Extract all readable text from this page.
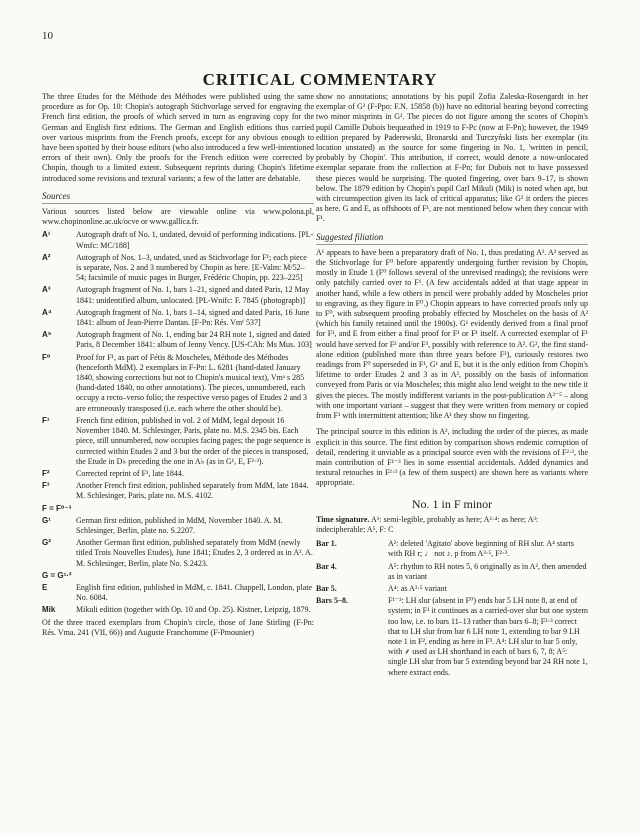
10
CRITICAL COMMENTARY

The three Etudes for the Méthode des Méthodes were published using the same procedure as for Op. 10: Chopin's autograph Stichvorlage served for engraving the French first edition, the proofs of which served in turn as engraving copy for the German and English first editions. The German and English editions thus carried over various misprints from the French proofs, except for any obvious enough to have been spotted by their house editors (who also introduced a few well-intentioned errors of their own). Only the proofs for the French edition were corrected by Chopin, though to a limited extent. Subsequent reprints during Chopin's lifetime introduced some revisions and textural variants; a few of the latter are debatable.

Sources

Various sources listed below are viewable online via www.polona.pl, www.chopinonline.ac.uk/ocve or www.gallica.fr.

A¹	Autograph draft of No. 1, undated, devoid of performing indications. [PL-Wmfc: MC/188]
A²	Autograph of Nos. 1–3, undated, used as Stichvorlage for F¹; each piece is separate, Nos. 2 and 3 numbered by Chopin as here. [E-Valm: M/52–54; facsimile of music pages in Burger, Frédéric Chopin, pp. 223–225]
A³	Autograph fragment of No. 1, bars 1–21, signed and dated Paris, 12 May 1841: unidentified album, unlocated. [PL-Wnifc: F. 7845 (photograph)]
A⁴	Autograph fragment of No. 1, bars 1–14, signed and dated Paris, 16 June 1841: album of Jean-Pierre Dantan. [F-Pn: Rés. Vmᶠ 537]
A⁵	Autograph fragment of No. 1, ending bar 24 RH note 1, signed and dated Paris, 8 December 1841: album of Jenny Vency. [US-CAh: Ms Mus. 103]
F⁰	Proof for F¹, as part of Fétis & Moscheles, Méthode des Méthodes (henceforth MdM). 2 exemplars in F-Pn: L. 6281 (hand-dated January 1840, showing corrections but not to Chopin's musical text), Vmᵃ s 285 (hand-dated 1840, no other annotations). The pieces, unnumbered, each occupy a recto–verso folio; the respective verso pages of Etudes 2 and 3 are erroneously transposed (i.e. each where the other should be).
F¹	French first edition, published in vol. 2 of MdM, legal deposit 16 November 1840. M. Schlesinger, Paris, plate no. M.S. 2345 bis. Each piece, still unnumbered, now occupies facing pages; the page sequence is corrected within Etudes 2 and 3 but the order of the pieces is transposed, the Etude in D♭ preceding the one in A♭ (as in G¹, E, F²·³).
F²	Corrected reprint of F¹, late 1844.
F³	Another French first edition, published separately from MdM, late 1844. M. Schlesinger, Paris, plate no. M.S. 4102.
F = F⁰⁻³
G¹	German first edition, published in MdM, November 1840. A. M. Schlesinger, Berlin, plate no. S.2207.
G²	Another German first edition, published separately from MdM (newly titled Trois Nouvelles Etudes), June 1841; Etudes 2, 3 ordered as in A². A. M. Schlesinger, Berlin, plate No. S.2423.
G = G¹·²
E	English first edition, published in MdM, c. 1841. Chappell, London, plate No. 6084.
Mik	Mikuli edition (together with Op. 10 and Op. 25). Kistner, Leipzig, 1879.

Of the three traced exemplars from Chopin's circle, those of Jane Stirling (F-Pn: Rés. Vma. 241 (VII, 66)) and Auguste Franchomme (F-Pmounier)

show no annotations; annotations by his pupil Zofia Zaleska-Rosengardt in her exemplar of G² (F-Ppo: F.N. 15858 (b)) have no editorial bearing beyond correcting two minor misprints in G². The pieces do not figure among the scores of Chopin's pupil Camille Dubois bequeathed in 1919 to F-Pc (now at F-Pn); however, the 1949 edition prepared by Paderewski, Bronarski and Turczyński lists her exemplar (its location unstated) as the source for some fingering in No. 1, 'written in pencil, probably by Chopin'. This attribution, if correct, would denote a now-unlocated exemplar separate from the collection at F-Pn; for Dubois not to have possessed these pieces would be surprising. The quoted fingering, over bars 9–17, is shown below. The 1879 edition by Chopin's pupil Carl Mikuli (Mik) is noted when apt, but with circumspection given its lack of critical apparatus; like G² it orders the pieces as here. G and E, as offshoots of F¹, are not mentioned below when they concur with F¹.

Suggested filiation

A¹ appears to have been a preparatory draft of No. 1, thus predating A². A² served as the Stichvorlage for F⁰ before apparently undergoing further revision by Chopin, mostly in Etude 1 (F⁰ follows several of the unrevised readings); the revisions were only patchily carried over to F¹. (A few accidentals added at that stage appear in another hand, while a few others in pencil were probably added by Moscheles prior to engraving, as they figure in F⁰.) Chopin appears to have corrected proofs only up to F⁰, with subsequent proofing probably effected by Moscheles on the basis of A² (which his family retained until the 1900s). G¹ evidently derived from a final proof for F¹, and E from either a final proof for F¹ or F¹ itself. A corrected exemplar of F¹ would have served for F² and/or F³, possibly with reference to A². G², the first stand-alone edition (published more than three years before F³), curiously restores two readings from F⁰ superseded in F¹, G¹ and E, but it is the only edition from Chopin's lifetime to order Etudes 2 and 3 as in A², possibly on the basis of information conveyed from Paris or via Moscheles; this might also lend weight to the new title it gives the pieces. The mostly indifferent variants in the post-publication A³⁻⁵ – along with one important variant – suggest that they were written from memory or copied from F¹ with intermittent attention; like A¹ they show no fingering.

The principal source in this edition is A², including the order of the pieces, as made explicit in this source. The first edition by comparison shows endemic corruption of detail, rendering it unviable as a principal source even with the revisions of F²·³, the main contribution of F¹⁻³ lies in some essential accidentals. Added dynamics and textural retouches in F²·³ (a few of them suspect) are shown here as variants where appropriate.

No. 1 in F minor
Time signature. A¹: semi-legible, probably as here; A²·⁴: as here; A³: indecipherable; A⁵, F: C
Bar 1.	A²: deleted 'Agitato' above beginning of RH slur. A⁴ starts with RH r; ♩ not ♪. p from A³·⁵, F²·³.
Bar 4.	A⁵: rhythm to RH notes 5, 6 originally as in A², then amended as in variant
Bar 5.	A⁴: as A³·⁵ variant
Bars 5–8.	F¹⁻³: LH slur (absent in F⁰) ends bar 5 LH note 8, at end of system; in F¹ it continues as a carried-over slur but one system too low, i.e. to bars 11–13 rather than bars 6–8; F²·³ correct that to LH slur from bar 6 LH note 1, extending to bar 9 LH note 1 in F², ending as here in F³. A⁴: LH slur to bar 5 only, with ⸙ used as LH shorthand in each of bars 6, 7, 8; A⁵: single LH slur from bar 5 extending beyond bar 24 RH note 1, where extract ends.
